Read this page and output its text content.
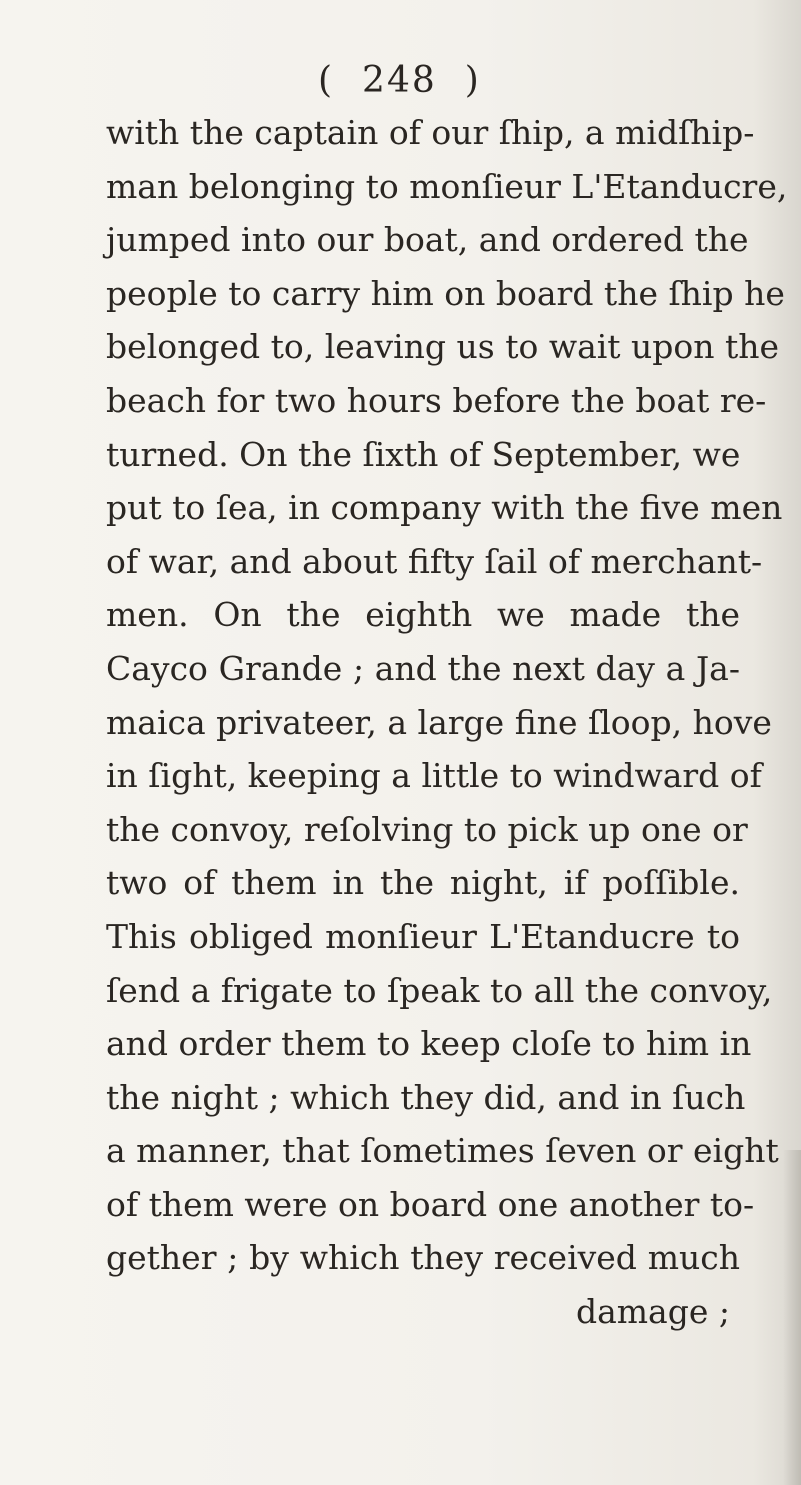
( 248 )
with the captain of our ſhip, a midſhip-
man belonging to monſieur L'Etanducre,
jumped into our boat, and ordered the
people to carry him on board the ſhip he
belonged to, leaving us to wait upon the
beach for two hours before the boat re-
turned. On the ſixth of September, we
put to ſea, in company with the five men
of war, and about fifty ſail of merchant-
men. On the eighth we made the
Cayco Grande ; and the next day a Ja-
maica privateer, a large fine ſloop, hove
in ſight, keeping a little to windward of
the convoy, reſolving to pick up one or
two of them in the night, if poſſible.
This obliged monſieur L'Etanducre to
ſend a frigate to ſpeak to all the convoy,
and order them to keep cloſe to him in
the night ; which they did, and in ſuch
a manner, that ſometimes ſeven or eight
of them were on board one another to-
gether ; by which they received much
damage ;
